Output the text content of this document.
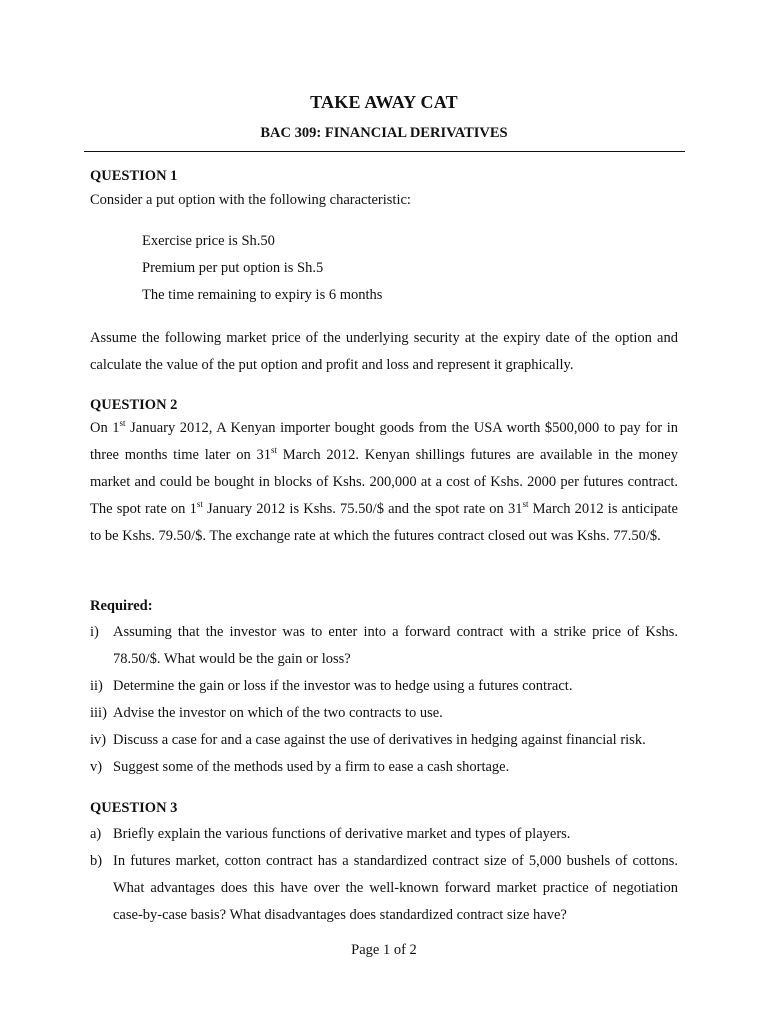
TAKE AWAY CAT
BAC 309: FINANCIAL DERIVATIVES

QUESTION 1

Consider a put option with the following characteristic:

Exercise price is Sh.50
Premium per put option is Sh.5
The time remaining to expiry is 6 months

Assume the following market price of the underlying security at the expiry date of the option and calculate the value of the put option and profit and loss and represent it graphically.

QUESTION 2

On 1st January 2012, A Kenyan importer bought goods from the USA worth $500,000 to pay for in three months time later on 31st March 2012. Kenyan shillings futures are available in the money market and could be bought in blocks of Kshs. 200,000 at a cost of Kshs. 2000 per futures contract. The spot rate on 1st January 2012 is Kshs. 75.50/$ and the spot rate on 31st March 2012 is anticipate to be Kshs. 79.50/$. The exchange rate at which the futures contract closed out was Kshs. 77.50/$.

Required:

i) Assuming that the investor was to enter into a forward contract with a strike price of Kshs. 78.50/$. What would be the gain or loss?
ii) Determine the gain or loss if the investor was to hedge using a futures contract.
iii) Advise the investor on which of the two contracts to use.
iv) Discuss a case for and a case against the use of derivatives in hedging against financial risk.
v) Suggest some of the methods used by a firm to ease a cash shortage.

QUESTION 3

a) Briefly explain the various functions of derivative market and types of players.
b) In futures market, cotton contract has a standardized contract size of 5,000 bushels of cottons. What advantages does this have over the well-known forward market practice of negotiation case-by-case basis? What disadvantages does standardized contract size have?
Page 1 of 2
